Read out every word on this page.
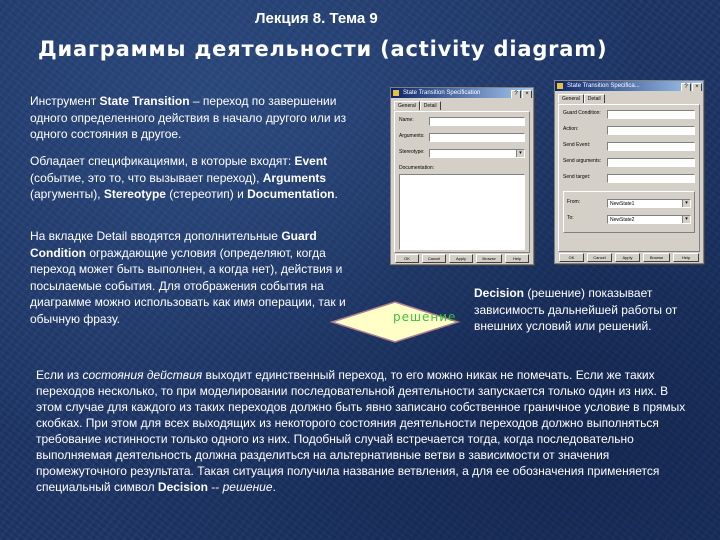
Лекция 8. Тема 9
Диаграммы деятельности (activity diagram)
Инструмент State Transition – переход по завершении одного определенного действия в начало другого или из одного состояния в другое.
Обладает спецификациями, в которые входят: Event (событие, это то, что вызывает переход), Arguments (аргументы), Stereotype (стереотип) и Documentation.
На вкладке Detail вводятся дополнительные Guard Condition ограждающие условия (определяют, когда переход может быть выполнен, а когда нет), действия и посылаемые события. Для отображения события на диаграмме можно использовать как имя операции, так и обычную фразу.
State Transition Specification	? ×
General Detail
Name:
Arguments:
Stereotype:	▾
Documentation:
OK	Cancel	Apply	Browse	Help
State Transition Specifica...	? ×
General Detail
Guard Condition:
Action:
Send Event:
Send arguments:
Send target:
From:	NewState1	▾
To:	NewState2	▾
OK	Cancel	Apply	Browse	Help
решение
Decision (решение) показывает зависимость дальнейшей работы от внешних условий или решений.
Если из состояния действия выходит единственный переход, то его можно никак не помечать. Если же таких переходов несколько, то при моделировании последовательной деятельности запускается только один из них. В этом случае для каждого из таких переходов должно быть явно записано собственное граничное условие в прямых скобках. При этом для всех выходящих из некоторого состояния деятельности переходов должно выполняться требование истинности только одного из них. Подобный случай встречается тогда, когда последовательно выполняемая деятельность должна разделиться на альтернативные ветви в зависимости от значения промежуточного результата. Такая ситуация получила название ветвления, а для ее обозначения применяется специальный символ Decision -- решение.
